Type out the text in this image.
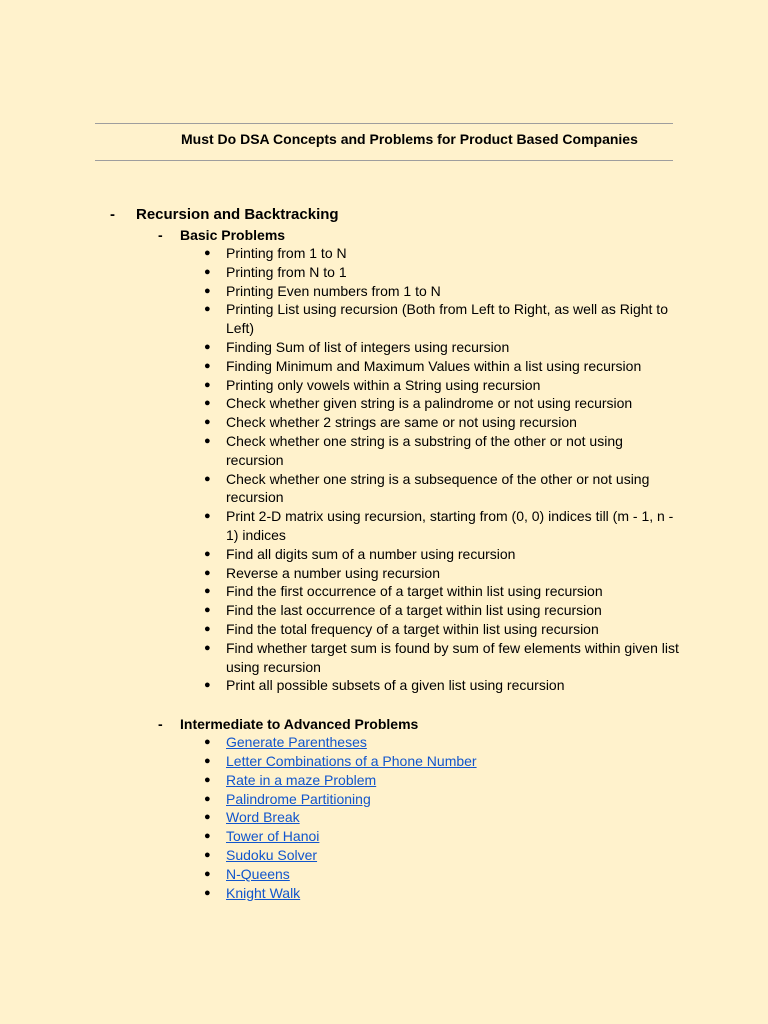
Must Do DSA Concepts and Problems for Product Based Companies
-	Recursion and Backtracking
-	Basic Problems
● Printing from 1 to N
● Printing from N to 1
● Printing Even numbers from 1 to N
● Printing List using recursion (Both from Left to Right, as well as Right to Left)
● Finding Sum of list of integers using recursion
● Finding Minimum and Maximum Values within a list using recursion
● Printing only vowels within a String using recursion
● Check whether given string is a palindrome or not using recursion
● Check whether 2 strings are same or not using recursion
● Check whether one string is a substring of the other or not using recursion
● Check whether one string is a subsequence of the other or not using recursion
● Print 2-D matrix using recursion, starting from (0, 0) indices till (m - 1, n - 1) indices
● Find all digits sum of a number using recursion
● Reverse a number using recursion
● Find the first occurrence of a target within list using recursion
● Find the last occurrence of a target within list using recursion
● Find the total frequency of a target within list using recursion
● Find whether target sum is found by sum of few elements within given list using recursion
● Print all possible subsets of a given list using recursion
-	Intermediate to Advanced Problems
● Generate Parentheses
● Letter Combinations of a Phone Number
● Rate in a maze Problem
● Palindrome Partitioning
● Word Break
● Tower of Hanoi
● Sudoku Solver
● N-Queens
● Knight Walk
